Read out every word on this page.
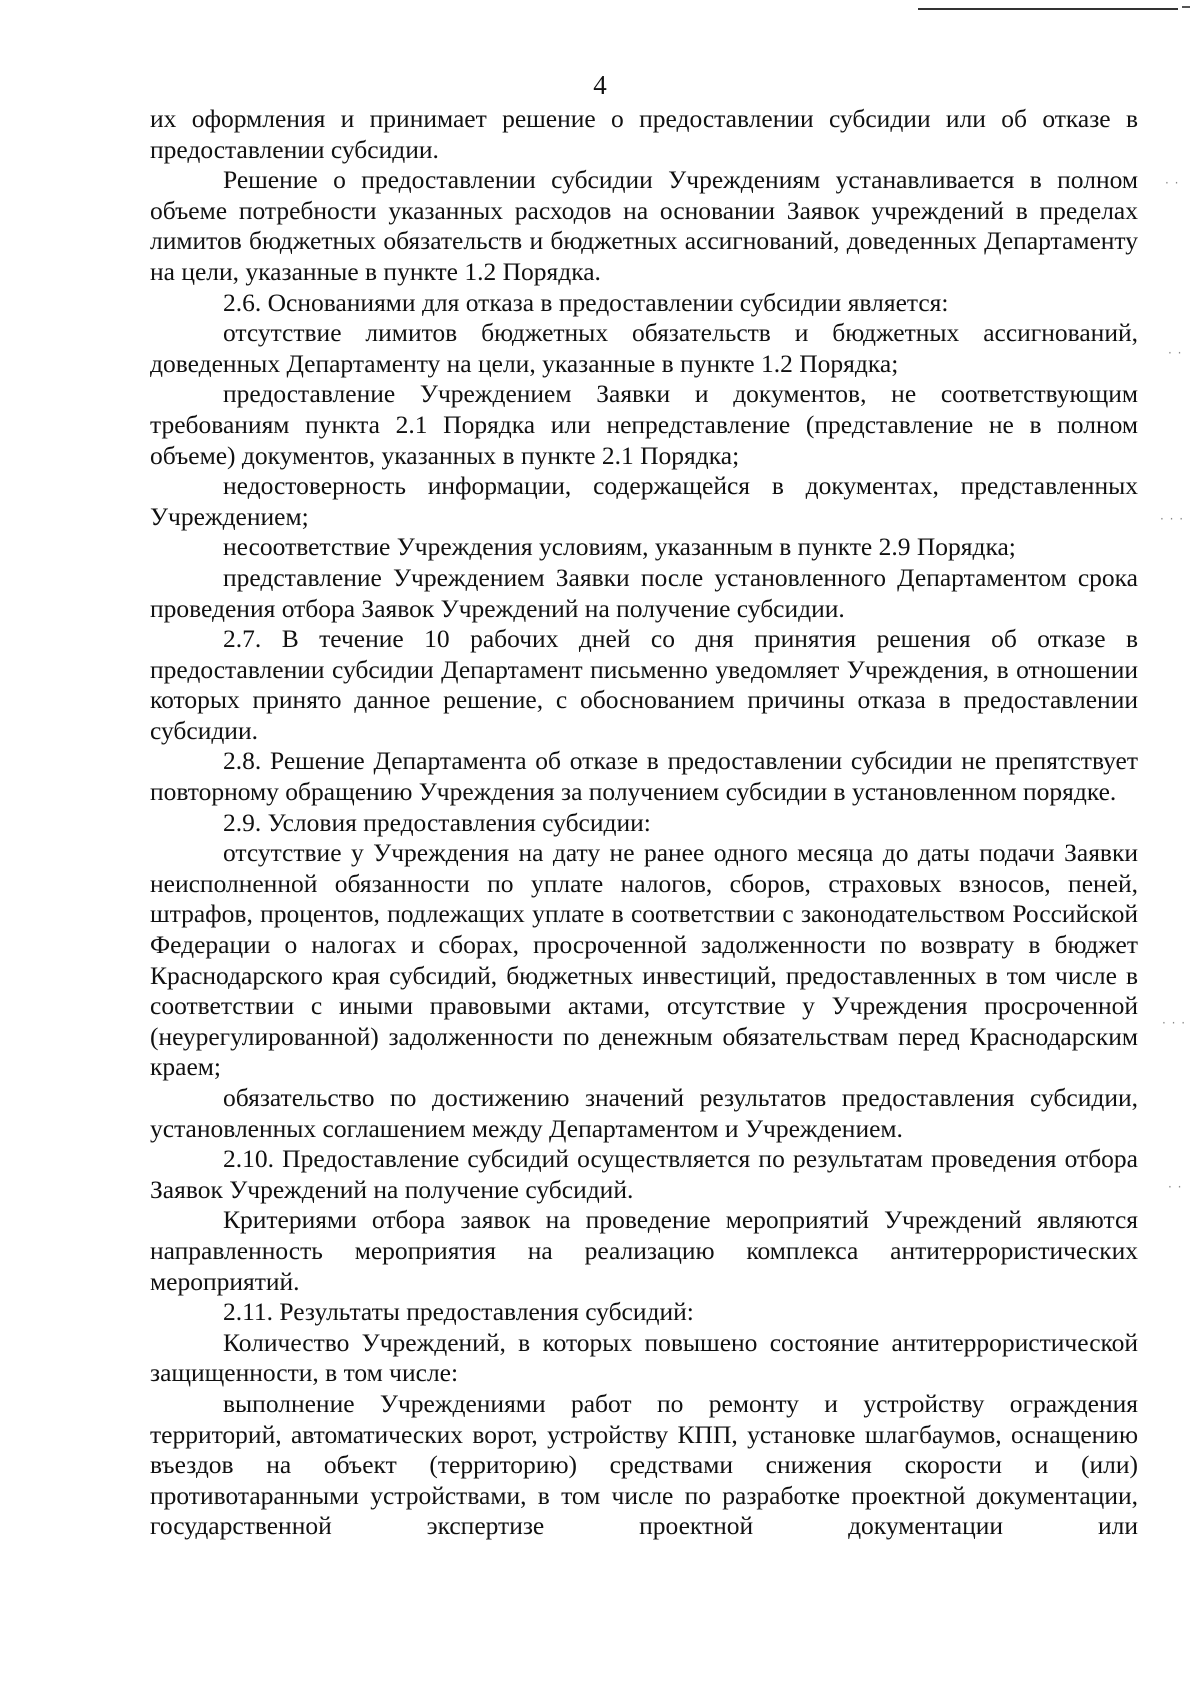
4

их оформления и принимает решение о предоставлении субсидии или об отказе в предоставлении субсидии.

Решение о предоставлении субсидии Учреждениям устанавливается в полном объеме потребности указанных расходов на основании Заявок учреждений в пределах лимитов бюджетных обязательств и бюджетных ассигнований, доведенных Департаменту на цели, указанные в пункте 1.2 Порядка.

2.6. Основаниями для отказа в предоставлении субсидии является:

отсутствие лимитов бюджетных обязательств и бюджетных ассигнований, доведенных Департаменту на цели, указанные в пункте 1.2 Порядка;

предоставление Учреждением Заявки и документов, не соответствующим требованиям пункта 2.1 Порядка или непредставление (представление не в полном объеме) документов, указанных в пункте 2.1 Порядка;

недостоверность информации, содержащейся в документах, представленных Учреждением;

несоответствие Учреждения условиям, указанным в пункте 2.9 Порядка;

представление Учреждением Заявки после установленного Департаментом срока проведения отбора Заявок Учреждений на получение субсидии.

2.7. В течение 10 рабочих дней со дня принятия решения об отказе в предоставлении субсидии Департамент письменно уведомляет Учреждения, в отношении которых принято данное решение, с обоснованием причины отказа в предоставлении субсидии.

2.8. Решение Департамента об отказе в предоставлении субсидии не препятствует повторному обращению Учреждения за получением субсидии в установленном порядке.

2.9. Условия предоставления субсидии:

отсутствие у Учреждения на дату не ранее одного месяца до даты подачи Заявки неисполненной обязанности по уплате налогов, сборов, страховых взносов, пеней, штрафов, процентов, подлежащих уплате в соответствии с законодательством Российской Федерации о налогах и сборах, просроченной задолженности по возврату в бюджет Краснодарского края субсидий, бюджетных инвестиций, предоставленных в том числе в соответствии с иными правовыми актами, отсутствие у Учреждения просроченной (неурегулированной) задолженности по денежным обязательствам перед Краснодарским краем;

обязательство по достижению значений результатов предоставления субсидии, установленных соглашением между Департаментом и Учреждением.

2.10. Предоставление субсидий осуществляется по результатам проведения отбора Заявок Учреждений на получение субсидий.

Критериями отбора заявок на проведение мероприятий Учреждений являются направленность мероприятия на реализацию комплекса антитеррористических мероприятий.

2.11. Результаты предоставления субсидий:

Количество Учреждений, в которых повышено состояние антитеррористической защищенности, в том числе:

выполнение Учреждениями работ по ремонту и устройству ограждения территорий, автоматических ворот, устройству КПП, установке шлагбаумов, оснащению въездов на объект (территорию) средствами снижения скорости и (или) противотаранными устройствами, в том числе по разработке проектной документации, государственной экспертизе проектной документации или

· ·
· ·
· · ·
· · ·
· ·
